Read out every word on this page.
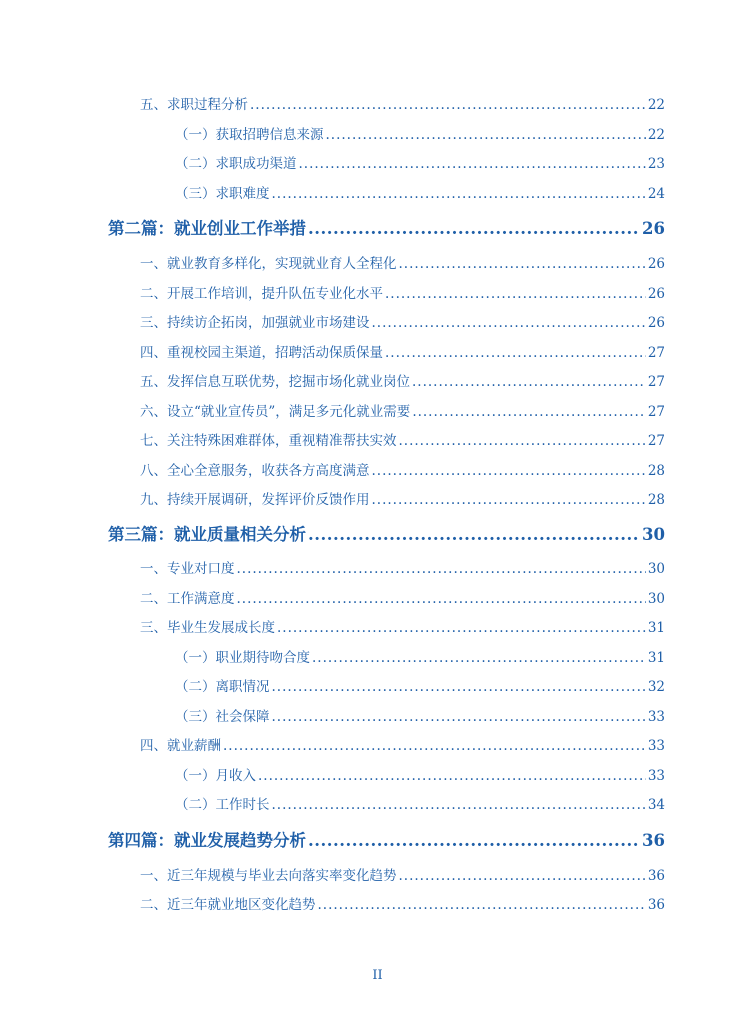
五、求职过程分析 .....	22
（一）获取招聘信息来源 .....	22
（二）求职成功渠道 .....	23
（三）求职难度 .....	24
第二篇：就业创业工作举措 .....	26
一、就业教育多样化，实现就业育人全程化 .....	26
二、开展工作培训，提升队伍专业化水平 .....	26
三、持续访企拓岗，加强就业市场建设 .....	26
四、重视校园主渠道，招聘活动保质保量 .....	27
五、发挥信息互联优势，挖掘市场化就业岗位 .....	27
六、设立“就业宣传员”，满足多元化就业需要 .....	27
七、关注特殊困难群体，重视精准帮扶实效 .....	27
八、全心全意服务，收获各方高度满意 .....	28
九、持续开展调研，发挥评价反馈作用 .....	28
第三篇：就业质量相关分析 .....	30
一、专业对口度 .....	30
二、工作满意度 .....	30
三、毕业生发展成长度 .....	31
（一）职业期待吻合度 .....	31
（二）离职情况 .....	32
（三）社会保障 .....	33
四、就业薪酬 .....	33
（一）月收入 .....	33
（二）工作时长 .....	34
第四篇：就业发展趋势分析 .....	36
一、近三年规模与毕业去向落实率变化趋势 .....	36
二、近三年就业地区变化趋势 .....	36
II
